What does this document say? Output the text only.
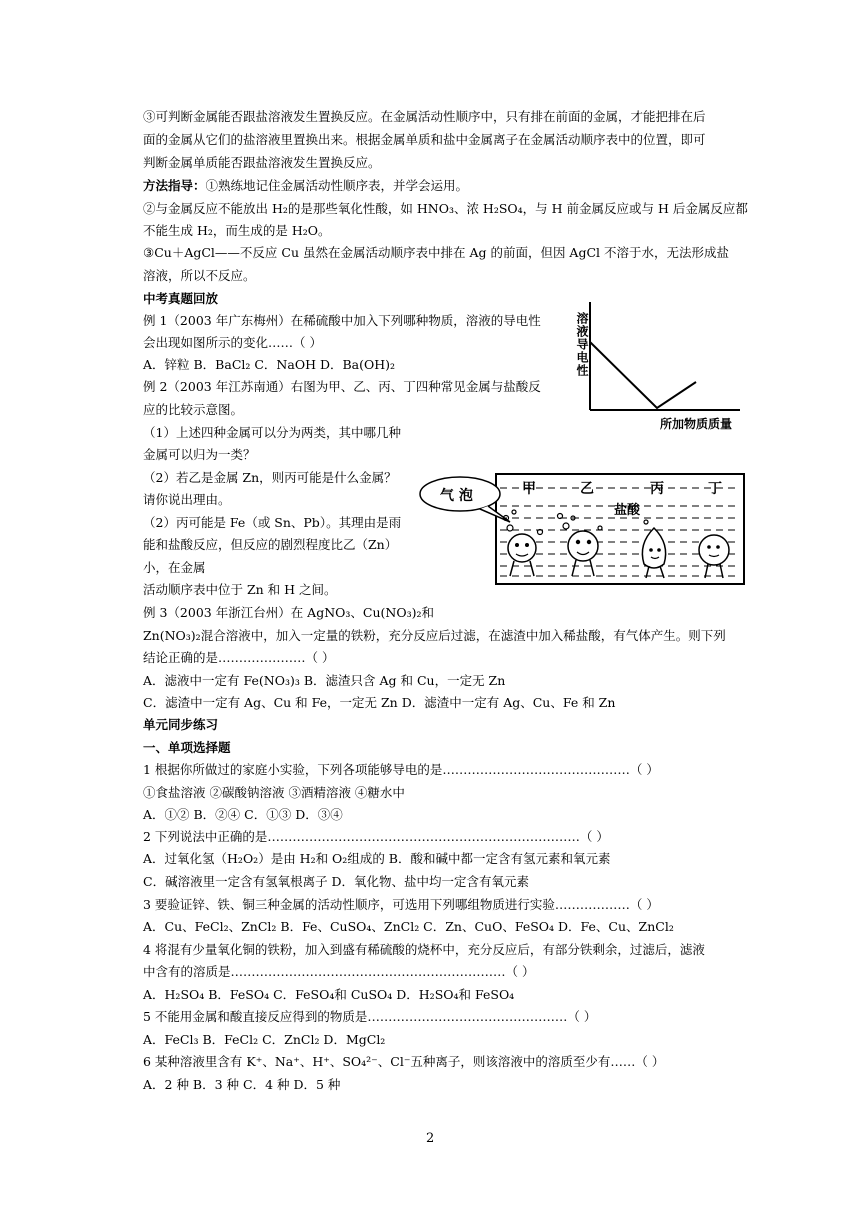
③可判断金属能否跟盐溶液发生置换反应。在金属活动性顺序中，只有排在前面的金属，才能把排在后
面的金属从它们的盐溶液里置换出来。根据金属单质和盐中金属离子在金属活动顺序表中的位置，即可
判断金属单质能否跟盐溶液发生置换反应。
方法指导：①熟练地记住金属活动性顺序表，并学会运用。
②与金属反应不能放出 H₂的是那些氧化性酸，如 HNO₃、浓 H₂SO₄，与 H 前金属反应或与 H 后金属反应都
不能生成 H₂，而生成的是 H₂O。
③Cu＋AgCl——不反应 Cu 虽然在金属活动顺序表中排在 Ag 的前面，但因 AgCl 不溶于水，无法形成盐
溶液，所以不反应。
中考真题回放
例 1（2003 年广东梅州）在稀硫酸中加入下列哪种物质，溶液的导电性
会出现如图所示的变化……（ ）
A．锌粒 B．BaCl₂ C．NaOH D．Ba(OH)₂
例 2（2003 年江苏南通）右图为甲、乙、丙、丁四种常见金属与盐酸反
应的比较示意图。
（1）上述四种金属可以分为两类，其中哪几种
金属可以归为一类？
（2）若乙是金属 Zn，则丙可能是什么金属？
请你说出理由。
（2）丙可能是 Fe（或 Sn、Pb）。其理由是雨
能和盐酸反应，但反应的剧烈程度比乙（Zn）
小，在金属
活动顺序表中位于 Zn 和 H 之间。
例 3（2003 年浙江台州）在 AgNO₃、Cu(NO₃)₂和
Zn(NO₃)₂混合溶液中，加入一定量的铁粉，充分反应后过滤，在滤渣中加入稀盐酸，有气体产生。则下列
结论正确的是…………………（ ）
A．滤液中一定有 Fe(NO₃)₃ B．滤渣只含 Ag 和 Cu，一定无 Zn
C．滤渣中一定有 Ag、Cu 和 Fe，一定无 Zn D．滤渣中一定有 Ag、Cu、Fe 和 Zn
单元同步练习
一、单项选择题
1 根据你所做过的家庭小实验，下列各项能够导电的是………………………………………（ ）
①食盐溶液 ②碳酸钠溶液 ③酒精溶液 ④糖水中
A．①② B．②④ C．①③ D．③④
2 下列说法中正确的是…………………………………………………………………（ ）
A．过氧化氢（H₂O₂）是由 H₂和 O₂组成的 B．酸和碱中都一定含有氢元素和氧元素
C．碱溶液里一定含有氢氧根离子 D．氧化物、盐中均一定含有氧元素
3 要验证锌、铁、铜三种金属的活动性顺序，可选用下列哪组物质进行实验………………（ ）
A．Cu、FeCl₂、ZnCl₂ B．Fe、CuSO₄、ZnCl₂ C．Zn、CuO、FeSO₄ D．Fe、Cu、ZnCl₂
4 将混有少量氧化铜的铁粉，加入到盛有稀硫酸的烧杯中，充分反应后，有部分铁剩余，过滤后，滤液
中含有的溶质是…………………………………………………………（ ）
A．H₂SO₄ B．FeSO₄ C．FeSO₄和 CuSO₄ D．H₂SO₄和 FeSO₄
5 不能用金属和酸直接反应得到的物质是…………………………………………（ ）
A．FeCl₃ B．FeCl₂ C．ZnCl₂ D．MgCl₂
6 某种溶液里含有 K⁺、Na⁺、H⁺、SO₄²⁻、Cl⁻五种离子，则该溶液中的溶质至少有……（ ）
A．2 种 B．3 种 C．4 种 D．5 种
溶液导电性
所加物质质量
气 泡	甲	乙	丙	丁
盐酸
2
